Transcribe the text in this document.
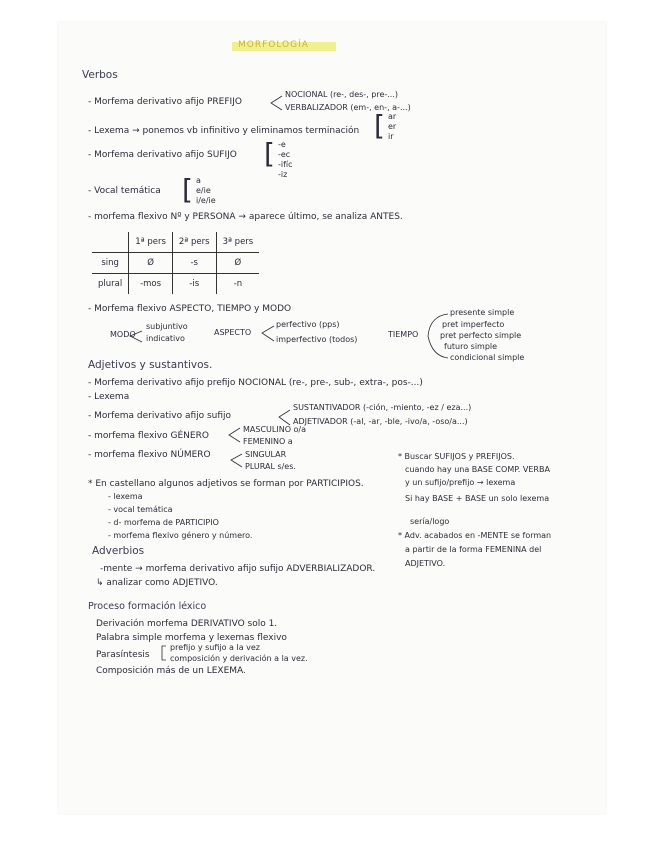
MORFOLOGÍA
Verbos
- Morfema derivativo afijo PREFIJO
NOCIONAL (re-, des-, pre-...)
VERBALIZADOR (em-, en-, a-...)
- Lexema → ponemos vb infinitivo y eliminamos terminación [ ar
er
ir
- Morfema derivativo afijo SUFIJO [ -e
-ec
-ifíc
-iz
- Vocal temática [ a
e/ie
i/e/ie
- morfema flexivo Nº y PERSONA → aparece último, se analiza ANTES.
	1ª pers	2ª pers	3ª pers
sing	Ø	-s	Ø
plural	-mos	-is	-n
- Morfema flexivo ASPECTO, TIEMPO y MODO
MODO
subjuntivo
indicativo
ASPECTO
perfectivo (pps)
imperfectivo (todos)
TIEMPO
presente simple
pret imperfecto
pret perfecto simple
futuro simple
condicional simple
Adjetivos y sustantivos.
- Morfema derivativo afijo prefijo NOCIONAL (re-, pre-, sub-, extra-, pos-...)
- Lexema
- Morfema derivativo afijo sufijo
SUSTANTIVADOR (-ción, -miento, -ez / eza...)
ADJETIVADOR (-al, -ar, -ble, -ivo/a, -oso/a...)
- morfema flexivo GÉNERO
MASCULINO o/a
FEMENINO a
- morfema flexivo NÚMERO	SINGULAR
PLURAL s/es.
* En castellano algunos adjetivos se forman por PARTICIPIOS.
- lexema
- vocal temática
- d- morfema de PARTICIPIO
- morfema flexivo género y número.
* Buscar SUFIJOS y PREFIJOS.
cuando hay una BASE COMP. VERBA
y un sufijo/prefijo → lexema
Si hay BASE + BASE un solo lexema
sería/logo
* Adv. acabados en -MENTE se forman
a partir de la forma FEMENINA del
ADJETIVO.
Adverbios
-mente → morfema derivativo afijo sufijo ADVERBIALIZADOR.
↳ analizar como ADJETIVO.
Proceso formación léxico
Derivación morfema DERIVATIVO solo 1.
Palabra simple morfema y lexemas flexivo
Parasíntesis
prefijo y sufijo a la vez
composición y derivación a la vez.
Composición más de un LEXEMA.
